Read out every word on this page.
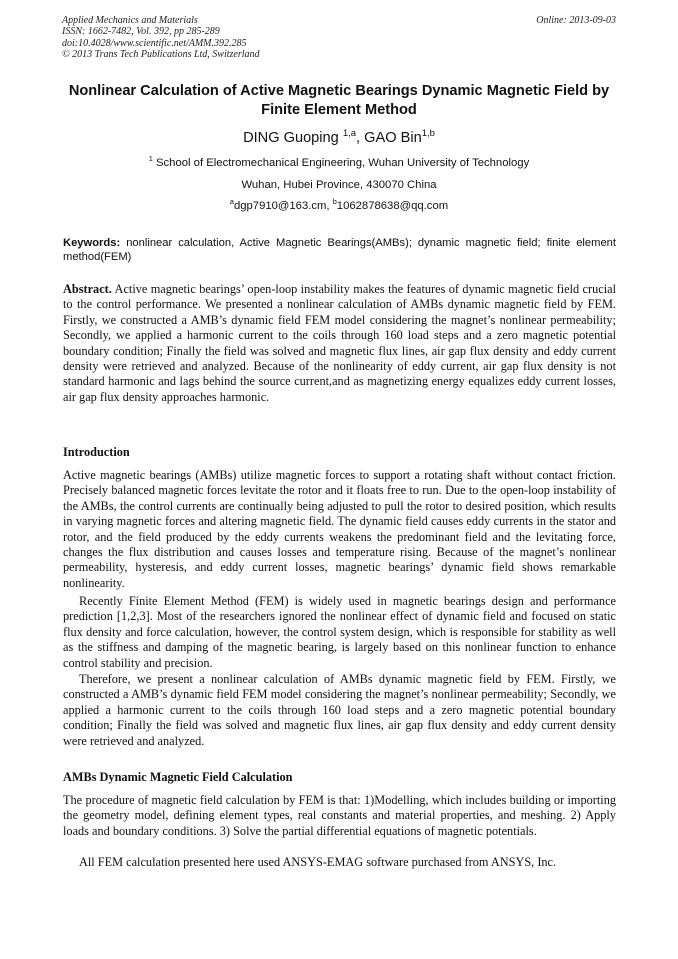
Applied Mechanics and Materials
ISSN: 1662-7482, Vol. 392, pp 285-289
doi:10.4028/www.scientific.net/AMM.392.285
© 2013 Trans Tech Publications Ltd, Switzerland
Online: 2013-09-03
Nonlinear Calculation of Active Magnetic Bearings Dynamic Magnetic Field by Finite Element Method
DING Guoping $^{1,a}$, GAO Bin$^{1,b}$
$^1$ School of Electromechanical Engineering, Wuhan University of Technology
Wuhan, Hubei Province, 430070 China
$^a$dgp7910@163.cm, $^b$1062878638@qq.com
Keywords: nonlinear calculation, Active Magnetic Bearings(AMBs); dynamic magnetic field; finite element method(FEM)
Abstract. Active magnetic bearings’ open-loop instability makes the features of dynamic magnetic field crucial to the control performance. We presented a nonlinear calculation of AMBs dynamic magnetic field by FEM. Firstly, we constructed a AMB’s dynamic field FEM model considering the magnet’s nonlinear permeability; Secondly, we applied a harmonic current to the coils through 160 load steps and a zero magnetic potential boundary condition; Finally the field was solved and magnetic flux lines, air gap flux density and eddy current density were retrieved and analyzed. Because of the nonlinearity of eddy current, air gap flux density is not standard harmonic and lags behind the source current,and as magnetizing energy equalizes eddy current losses, air gap flux density approaches harmonic.
Introduction
Active magnetic bearings (AMBs) utilize magnetic forces to support a rotating shaft without contact friction. Precisely balanced magnetic forces levitate the rotor and it floats free to run. Due to the open-loop instability of the AMBs, the control currents are continually being adjusted to pull the rotor to desired position, which results in varying magnetic forces and altering magnetic field. The dynamic field causes eddy currents in the stator and rotor, and the field produced by the eddy currents weakens the predominant field and the levitating force, changes the flux distribution and causes losses and temperature rising. Because of the magnet’s nonlinear permeability, hysteresis, and eddy current losses, magnetic bearings’ dynamic field shows remarkable nonlinearity.
Recently Finite Element Method (FEM) is widely used in magnetic bearings design and performance prediction [1,2,3]. Most of the researchers ignored the nonlinear effect of dynamic field and focused on static flux density and force calculation, however, the control system design, which is responsible for stability as well as the stiffness and damping of the magnetic bearing, is largely based on this nonlinear function to enhance control stability and precision.
Therefore, we present a nonlinear calculation of AMBs dynamic magnetic field by FEM. Firstly, we constructed a AMB’s dynamic field FEM model considering the magnet’s nonlinear permeability; Secondly, we applied a harmonic current to the coils through 160 load steps and a zero magnetic potential boundary condition; Finally the field was solved and magnetic flux lines, air gap flux density and eddy current density were retrieved and analyzed.
AMBs Dynamic Magnetic Field Calculation
The procedure of magnetic field calculation by FEM is that: 1)Modelling, which includes building or importing the geometry model, defining element types, real constants and material properties, and meshing. 2) Apply loads and boundary conditions. 3) Solve the partial differential equations of magnetic potentials.
All FEM calculation presented here used ANSYS-EMAG software purchased from ANSYS, Inc.
